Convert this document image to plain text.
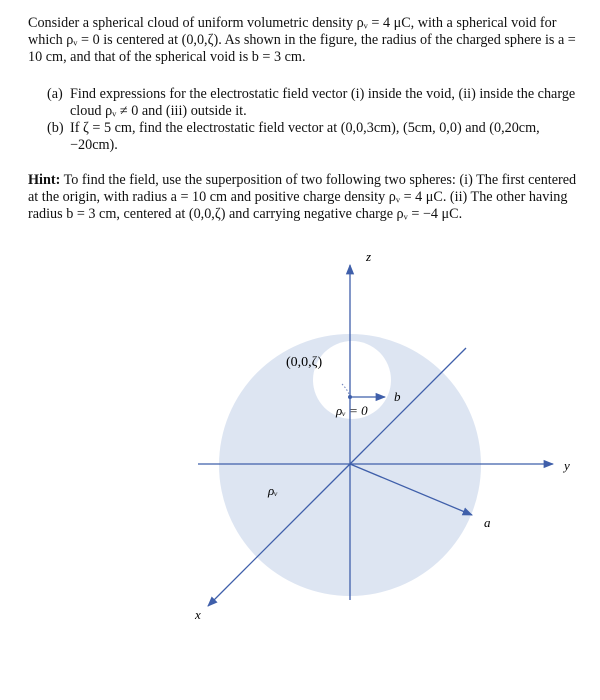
Consider a spherical cloud of uniform volumetric density ρᵥ = 4 μC, with a spherical void for which ρᵥ = 0 is centered at (0,0,ζ). As shown in the figure, the radius of the charged sphere is a = 10 cm, and that of the spherical void is b = 3 cm.
(a) Find expressions for the electrostatic field vector (i) inside the void, (ii) inside the charge cloud ρᵥ ≠ 0 and (iii) outside it.
(b) If ζ = 5 cm, find the electrostatic field vector at (0,0,3cm), (5cm, 0,0) and (0,20cm, −20cm).
Hint: To find the field, use the superposition of two following two spheres: (i) The first centered at the origin, with radius a = 10 cm and positive charge density ρᵥ = 4 μC. (ii) The other having radius b = 3 cm, centered at (0,0,ζ) and carrying negative charge ρᵥ = −4 μC.
z
y
x
(0,0,ζ)
ρᵥ = 0
b
a
ρᵥ
